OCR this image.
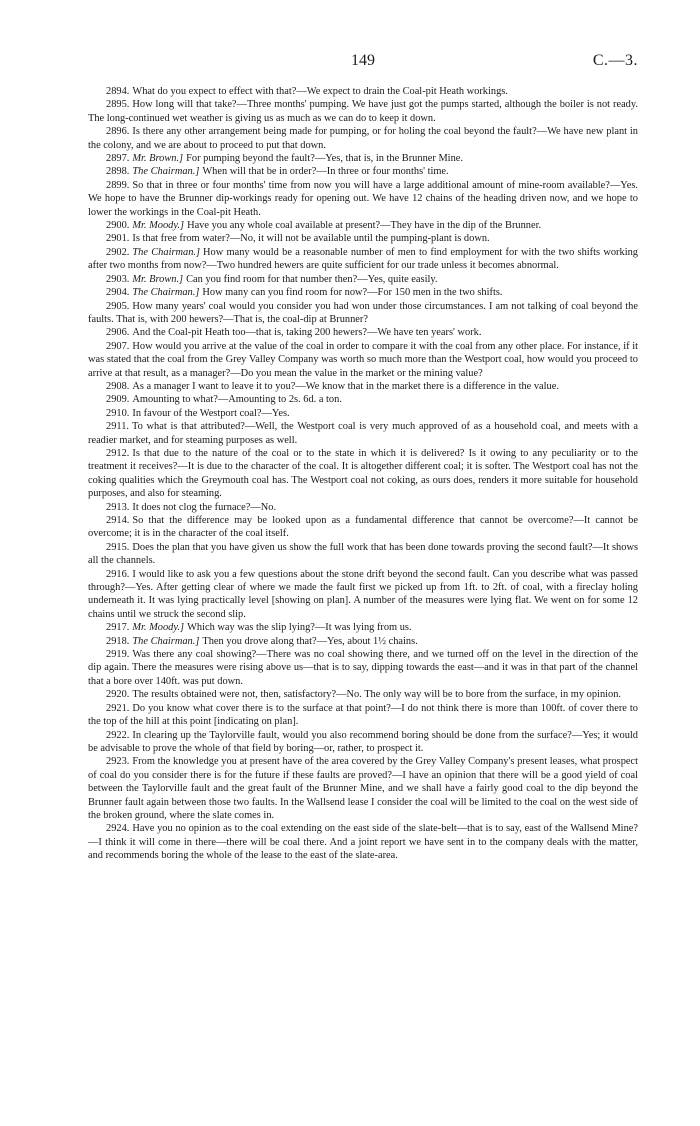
149	C.—3.

2894. What do you expect to effect with that?—We expect to drain the Coal-pit Heath workings.

2895. How long will that take?—Three months' pumping. We have just got the pumps started, although the boiler is not ready. The long-continued wet weather is giving us as much as we can do to keep it down.

2896. Is there any other arrangement being made for pumping, or for holing the coal beyond the fault?—We have new plant in the colony, and we are about to proceed to put that down.

2897. Mr. Brown.] For pumping beyond the fault?—Yes, that is, in the Brunner Mine.

2898. The Chairman.] When will that be in order?—In three or four months' time.

2899. So that in three or four months' time from now you will have a large additional amount of mine-room available?—Yes. We hope to have the Brunner dip-workings ready for opening out. We have 12 chains of the heading driven now, and we hope to lower the workings in the Coal-pit Heath.

2900. Mr. Moody.] Have you any whole coal available at present?—They have in the dip of the Brunner.

2901. Is that free from water?—No, it will not be available until the pumping-plant is down.

2902. The Chairman.] How many would be a reasonable number of men to find employment for with the two shifts working after two months from now?—Two hundred hewers are quite sufficient for our trade unless it becomes abnormal.

2903. Mr. Brown.] Can you find room for that number then?—Yes, quite easily.

2904. The Chairman.] How many can you find room for now?—For 150 men in the two shifts.

2905. How many years' coal would you consider you had won under those circumstances. I am not talking of coal beyond the faults. That is, with 200 hewers?—That is, the coal-dip at Brunner?

2906. And the Coal-pit Heath too—that is, taking 200 hewers?—We have ten years' work.

2907. How would you arrive at the value of the coal in order to compare it with the coal from any other place. For instance, if it was stated that the coal from the Grey Valley Company was worth so much more than the Westport coal, how would you proceed to arrive at that result, as a manager?—Do you mean the value in the market or the mining value?

2908. As a manager I want to leave it to you?—We know that in the market there is a difference in the value.

2909. Amounting to what?—Amounting to 2s. 6d. a ton.

2910. In favour of the Westport coal?—Yes.

2911. To what is that attributed?—Well, the Westport coal is very much approved of as a household coal, and meets with a readier market, and for steaming purposes as well.

2912. Is that due to the nature of the coal or to the state in which it is delivered? Is it owing to any peculiarity or to the treatment it receives?—It is due to the character of the coal. It is altogether different coal; it is softer. The Westport coal has not the coking qualities which the Greymouth coal has. The Westport coal not coking, as ours does, renders it more suitable for household purposes, and also for steaming.

2913. It does not clog the furnace?—No.

2914. So that the difference may be looked upon as a fundamental difference that cannot be overcome?—It cannot be overcome; it is in the character of the coal itself.

2915. Does the plan that you have given us show the full work that has been done towards proving the second fault?—It shows all the channels.

2916. I would like to ask you a few questions about the stone drift beyond the second fault. Can you describe what was passed through?—Yes. After getting clear of where we made the fault first we picked up from 1ft. to 2ft. of coal, with a fireclay holing underneath it. It was lying practically level [showing on plan]. A number of the measures were lying flat. We went on for some 12 chains until we struck the second slip.

2917. Mr. Moody.] Which way was the slip lying?—It was lying from us.

2918. The Chairman.] Then you drove along that?—Yes, about 1½ chains.

2919. Was there any coal showing?—There was no coal showing there, and we turned off on the level in the direction of the dip again. There the measures were rising above us—that is to say, dipping towards the east—and it was in that part of the channel that a bore over 140ft. was put down.

2920. The results obtained were not, then, satisfactory?—No. The only way will be to bore from the surface, in my opinion.

2921. Do you know what cover there is to the surface at that point?—I do not think there is more than 100ft. of cover there to the top of the hill at this point [indicating on plan].

2922. In clearing up the Taylorville fault, would you also recommend boring should be done from the surface?—Yes; it would be advisable to prove the whole of that field by boring—or, rather, to prospect it.

2923. From the knowledge you at present have of the area covered by the Grey Valley Company's present leases, what prospect of coal do you consider there is for the future if these faults are proved?—I have an opinion that there will be a good yield of coal between the Taylorville fault and the great fault of the Brunner Mine, and we shall have a fairly good coal to the dip beyond the Brunner fault again between those two faults. In the Wallsend lease I consider the coal will be limited to the coal on the west side of the broken ground, where the slate comes in.

2924. Have you no opinion as to the coal extending on the east side of the slate-belt—that is to say, east of the Wallsend Mine?—I think it will come in there—there will be coal there. And a joint report we have sent in to the company deals with the matter, and recommends boring the whole of the lease to the east of the slate-area.
